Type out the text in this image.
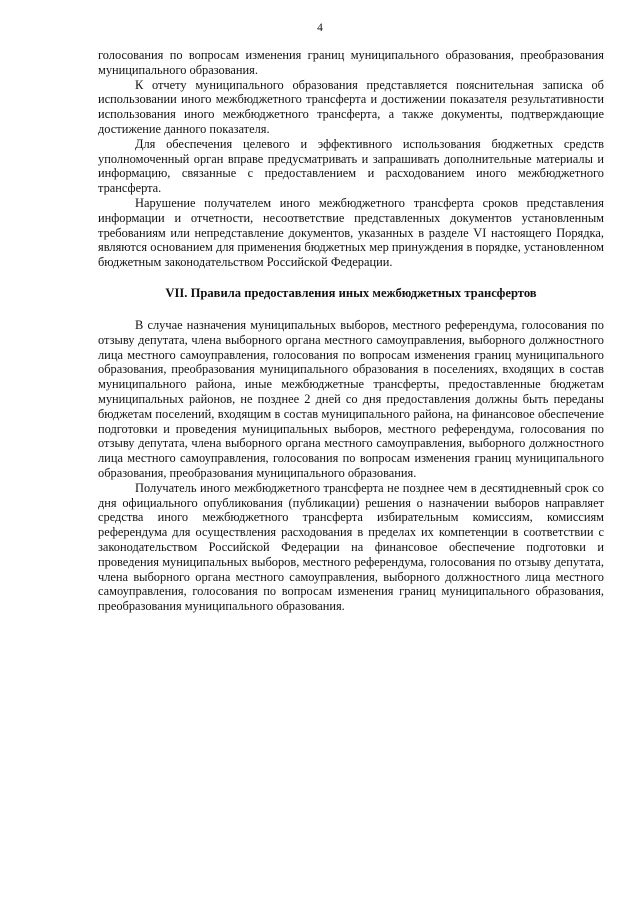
4

голосования по вопросам изменения границ муниципального образования, преобразования муниципального образования.

К отчету муниципального образования представляется пояснительная записка об использовании иного межбюджетного трансферта и достижении показателя результативности использования иного межбюджетного трансферта, а также документы, подтверждающие достижение данного показателя.

Для обеспечения целевого и эффективного использования бюджетных средств уполномоченный орган вправе предусматривать и запрашивать дополнительные материалы и информацию, связанные с предоставлением и расходованием иного межбюджетного трансферта.

Нарушение получателем иного межбюджетного трансферта сроков представления информации и отчетности, несоответствие представленных документов установленным требованиям или непредставление документов, указанных в разделе VI настоящего Порядка, являются основанием для применения бюджетных мер принуждения в порядке, установленном бюджетным законодательством Российской Федерации.

VII. Правила предоставления иных межбюджетных трансфертов

В случае назначения муниципальных выборов, местного референдума, голосования по отзыву депутата, члена выборного органа местного самоуправления, выборного должностного лица местного самоуправления, голосования по вопросам изменения границ муниципального образования, преобразования муниципального образования в поселениях, входящих в состав муниципального района, иные межбюджетные трансферты, предоставленные бюджетам муниципальных районов, не позднее 2 дней со дня предоставления должны быть переданы бюджетам поселений, входящим в состав муниципального района, на финансовое обеспечение подготовки и проведения муниципальных выборов, местного референдума, голосования по отзыву депутата, члена выборного органа местного самоуправления, выборного должностного лица местного самоуправления, голосования по вопросам изменения границ муниципального образования, преобразования муниципального образования.

Получатель иного межбюджетного трансферта не позднее чем в десятидневный срок со дня официального опубликования (публикации) решения о назначении выборов направляет средства иного межбюджетного трансферта избирательным комиссиям, комиссиям референдума для осуществления расходования в пределах их компетенции в соответствии с законодательством Российской Федерации на финансовое обеспечение подготовки и проведения муниципальных выборов, местного референдума, голосования по отзыву депутата, члена выборного органа местного самоуправления, выборного должностного лица местного самоуправления, голосования по вопросам изменения границ муниципального образования, преобразования муниципального образования.
